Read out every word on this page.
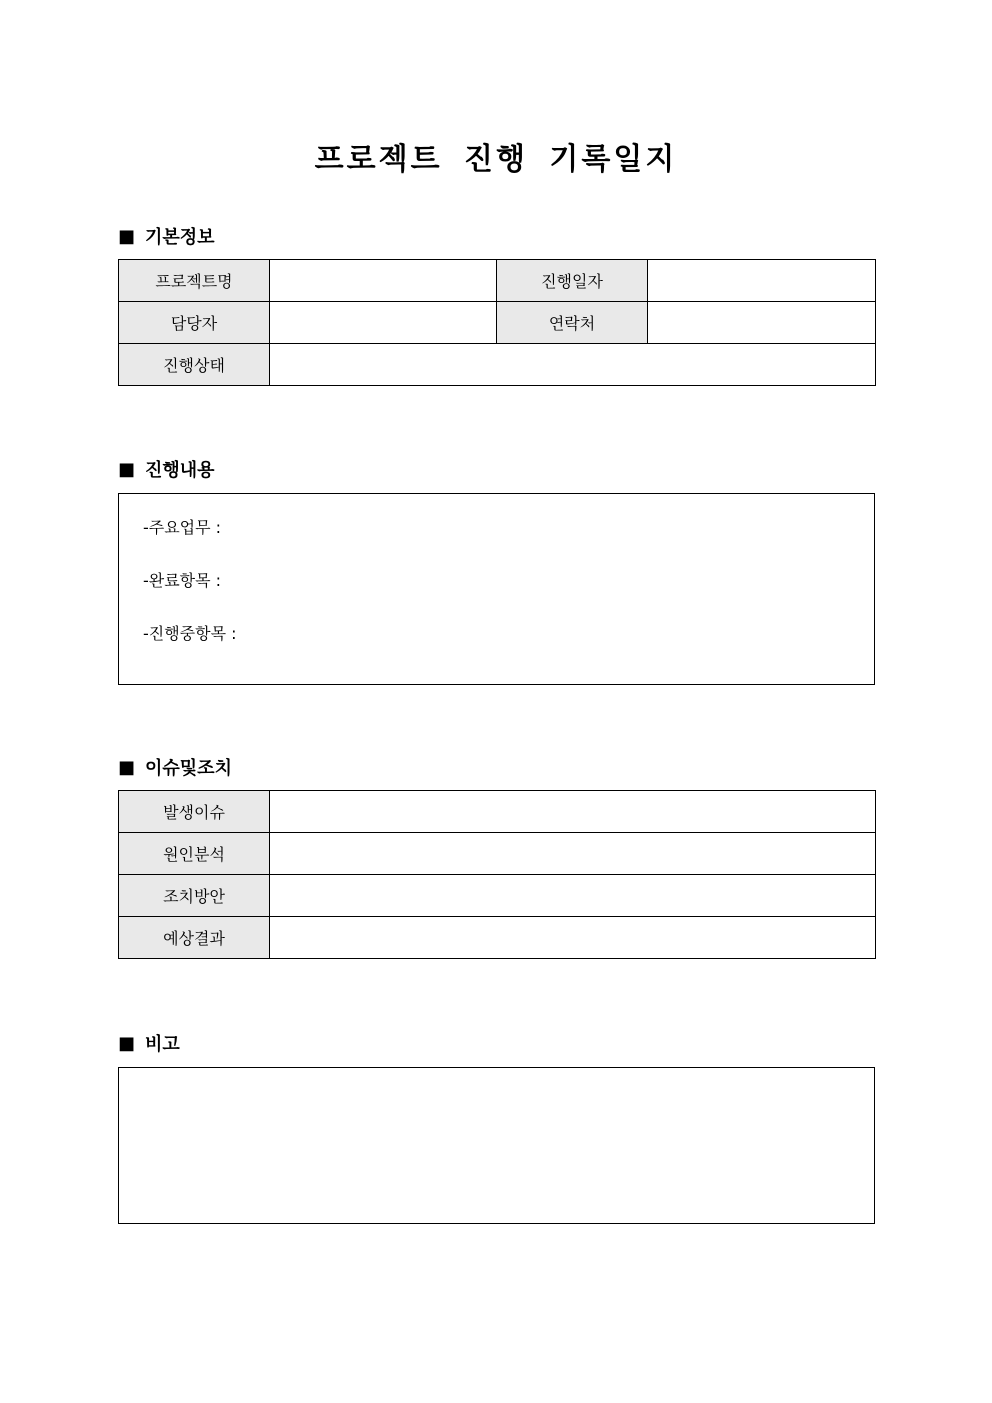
프로젝트 진행 기록일지
■ 기본정보
프로젝트명		진행일자	
담당자		연락처	
진행상태			
■ 진행내용
-주요업무 :
-완료항목 :
-진행중항목 :
■ 이슈및조치
발생이슈	
원인분석	
조치방안	
예상결과	
■ 비고
